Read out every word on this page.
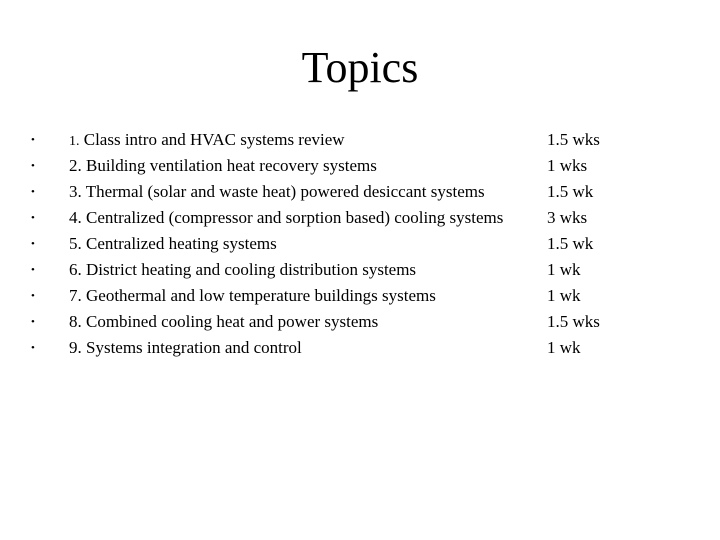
Topics
• 1. Class intro and HVAC systems review	1.5 wks
• 2. Building ventilation heat recovery systems	1 wks
• 3. Thermal (solar and waste heat) powered desiccant systems	1.5 wk
• 4. Centralized (compressor and sorption based) cooling systems	3 wks
• 5. Centralized heating systems	1.5 wk
• 6. District heating and cooling distribution systems	1 wk
• 7. Geothermal and low temperature buildings systems	1 wk
• 8. Combined cooling heat and power systems	1.5 wks
• 9. Systems integration and control	1 wk
